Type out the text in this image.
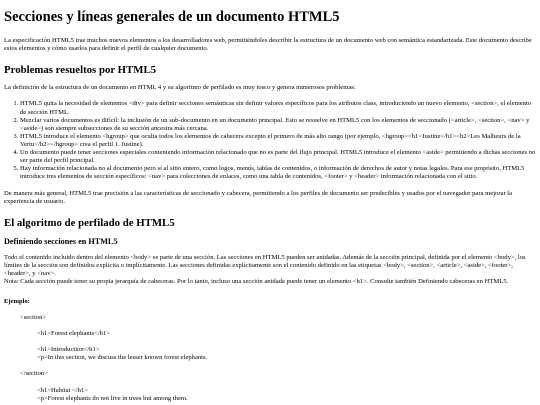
Secciones y líneas generales de un documento HTML5

La especificación HTML5 trae muchos nuevos elementos a los desarrolladores web, permitiéndoles describir la estructura de un documento web con semántica estandarizada. Este documento describe estos elementos y cómo usarlos para definir el perfil de cualquier documento.

Problemas resueltos por HTML5

La definición de la estructura de un documento en HTML 4 y su algoritmo de perfilado es muy tosco y genera numerosos problemas:

1. HTML5 quita la necesidad de elementos <div> para definir secciones semánticas sin definir valores específicos para los atributos class, introduciendo un nuevo elemento, <section>, el elemento de sección HTML.
2. Mezclar varios documentos es difícil: la inclusión de un sub-documento en un documento principal. Esto se resuelve en HTML5 con los elementos de seccionado (<article>, <section>, <nav> y <aside>) son siempre subsecciones de su sección ancestra más cercana.
3. HTML5 introduce el elemento <hgroup> que oculta todos los elementos de cabecera excepto el primero de más alto rango (por ejemplo, <hgroup><h1>Justine</h1><h2>Les Malheurs de la Vertu</h2></hgroup> crea el perfil 1. Justine).
4. Un documento puede tener secciones especiales conteniendo información relacionado que no es parte del flujo principal. HTML5 introduce el elemento <aside> permitiendo a dichas secciones no ser parte del perfil principal.
5. Hay información relacionada no al documento pero sí al sitio entero, como logos, menús, tablas de contenidos, o información de derechos de autor y notas legales. Para ese propósito, HTML5 introduce tres elementos de sección específicos: <nav> para colecciones de enlaces, como una tabla de contenidos, <footer> y <header> información relacionada con el sitio.

De manera más general, HTML5 trae precisión a las características de seccionado y cabecera, permitiendo a los perfiles de documento ser predecibles y usados por el navegador para mejorar la experiencia de usuario.

El algoritmo de perfilado de HTML5
Definiendo secciones en HTML5

Todo el contenido incluido dentro del elemento <body> es parte de una sección. Las secciones en HTML5 pueden ser anidadas. Además de la sección principal, definida por el elemento <body>, los límites de la sección son definidos explícita o implícitamente. Las secciones definidas explícitamente son el contenido definido en las etiquetas <body>, <section>, <article>, <aside>, <footer>, <header>, y <nav>.
Nota: Cada sección puede tener su propia jerarquía de cabeceras. Por lo tanto, incluso una sección anidada puede tener un elemento <h1>. Consulte también Definiendo cabeceras en HTML5.

Ejemplo:
<section>
<h1>Forest elephants</h1>
<h1>Introduction</h1>
<p>In this section, we discuss the lesser known forest elephants.
</section>
<h1>Habitat </h1>
<p>Forest elephants do not live in trees but among them.
